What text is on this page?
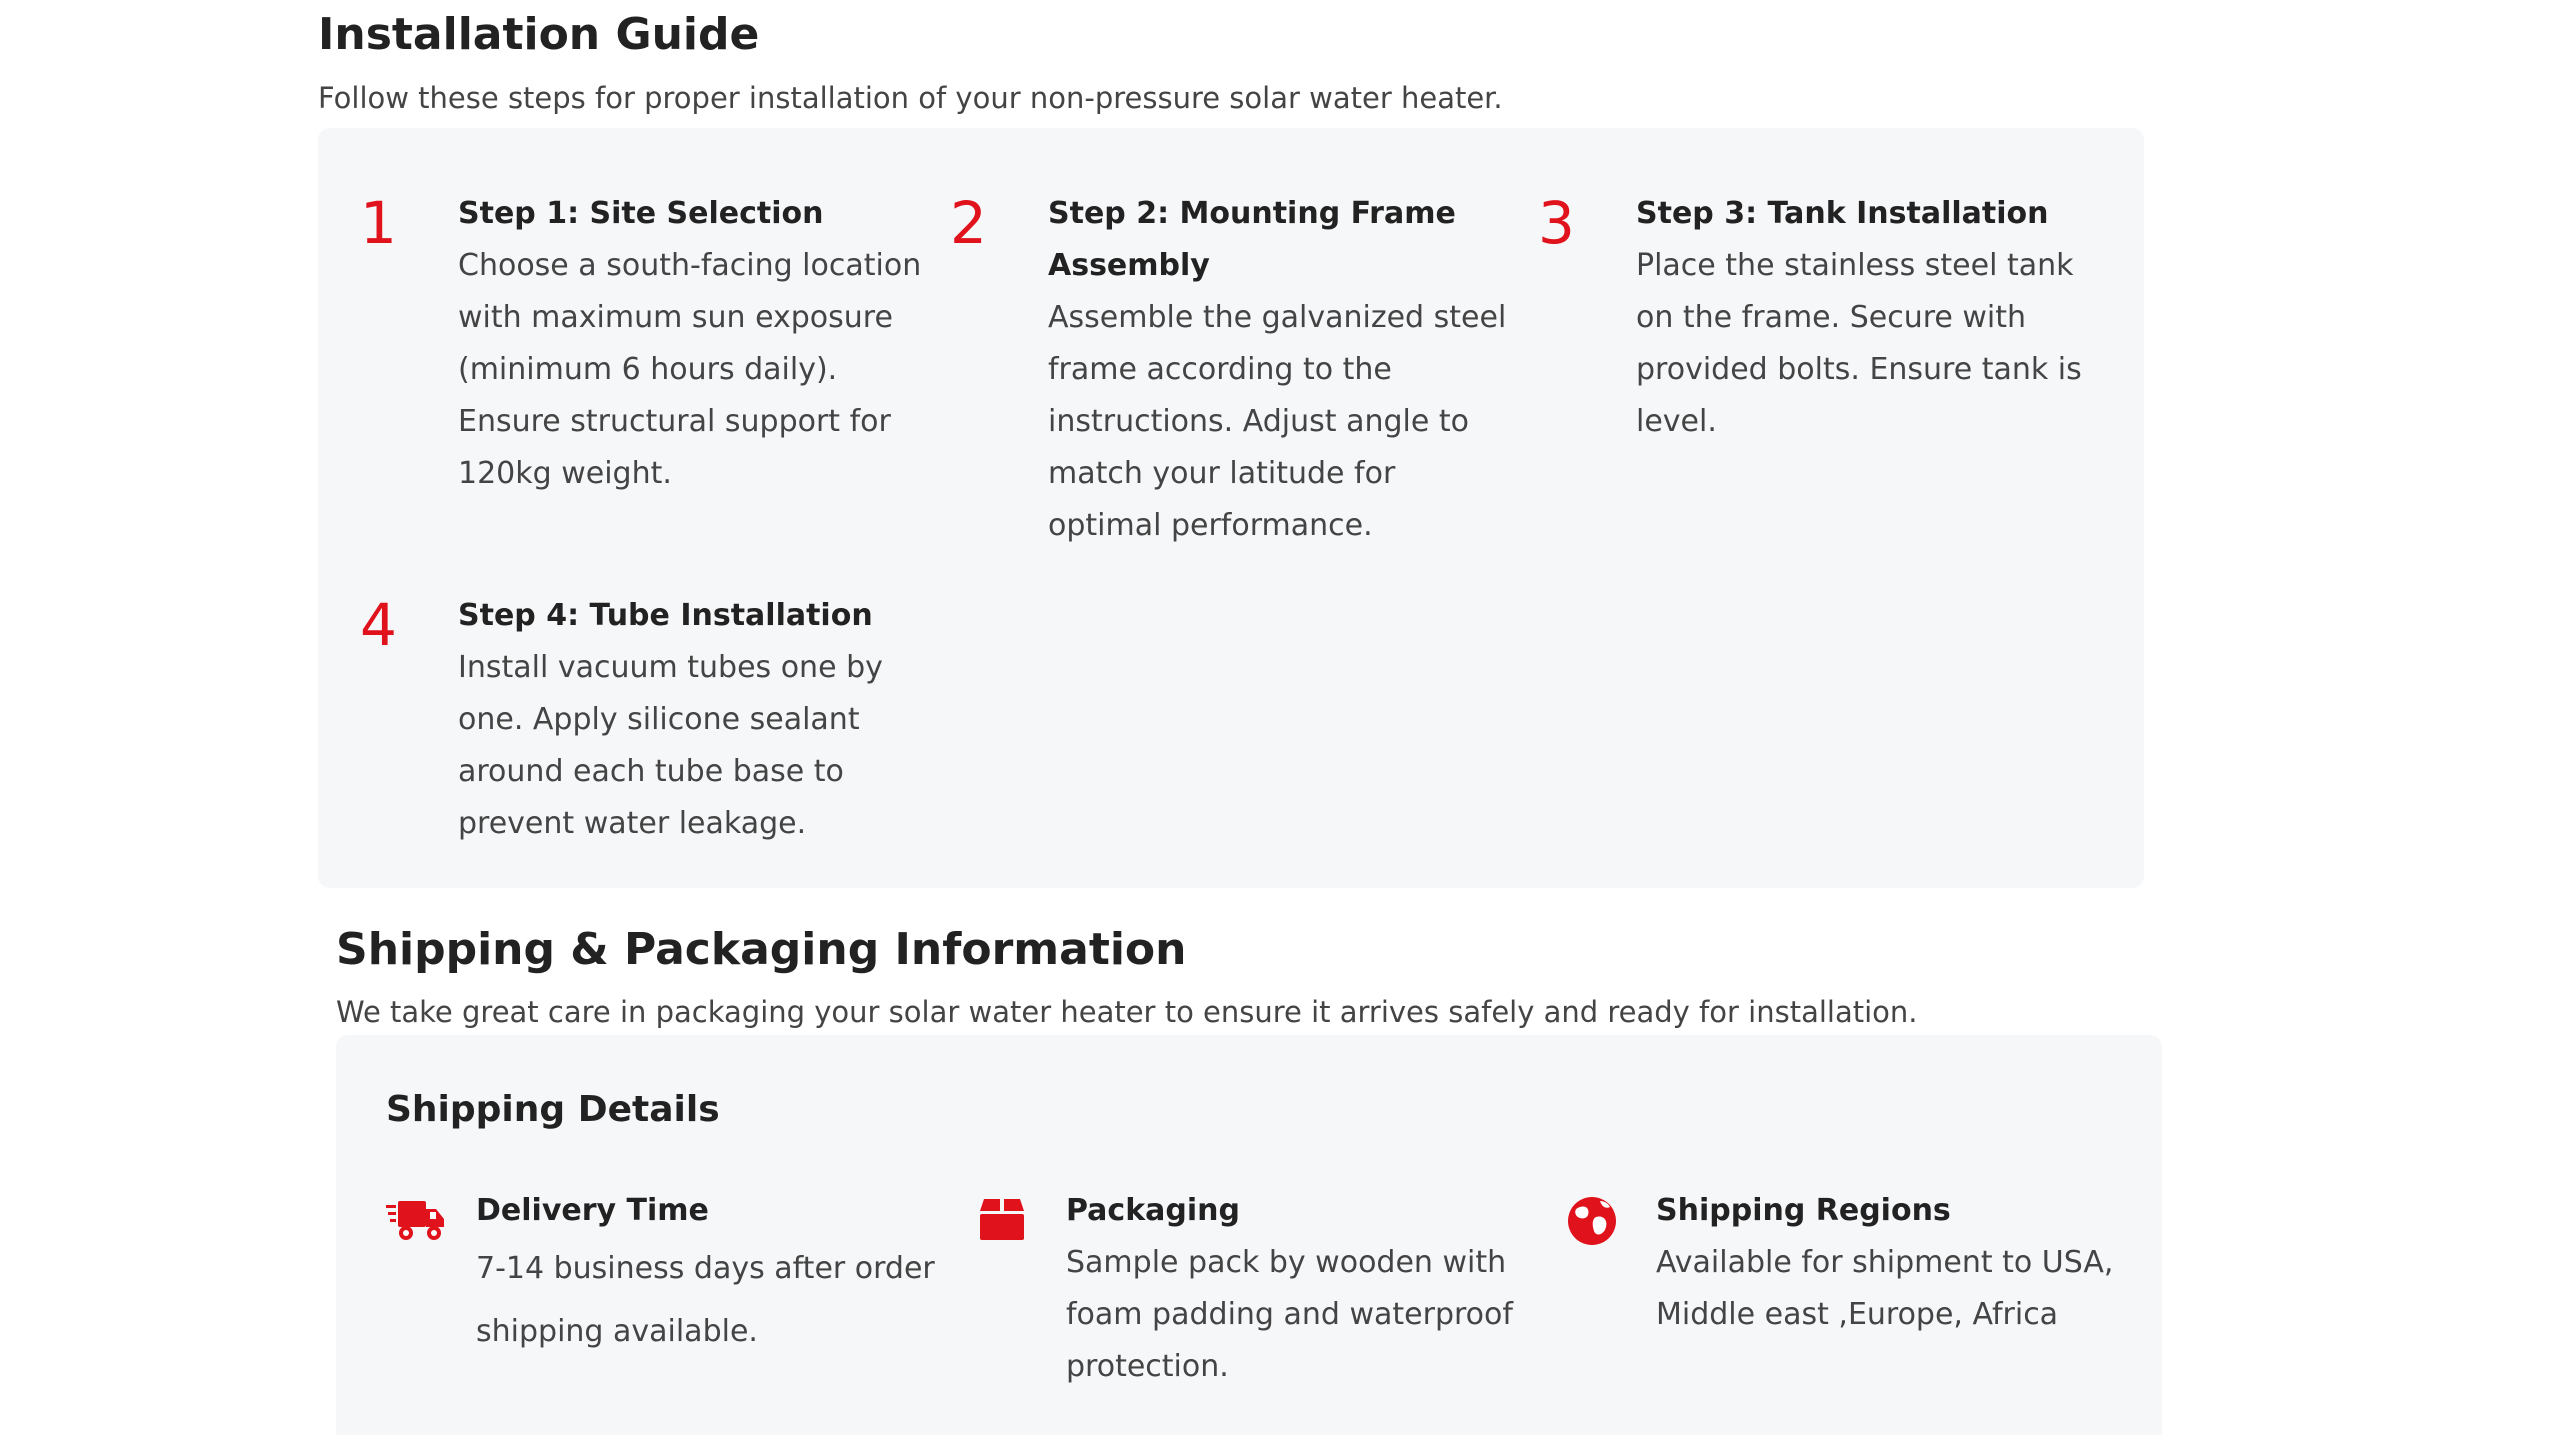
Installation Guide

Follow these steps for proper installation of your non-pressure solar water heater.

1 Step 1: Site Selection
Choose a south-facing location with maximum sun exposure (minimum 6 hours daily). Ensure structural support for 120kg weight.
2 Step 2: Mounting Frame Assembly
Assemble the galvanized steel frame according to the instructions. Adjust angle to match your latitude for optimal performance.
3 Step 3: Tank Installation
Place the stainless steel tank on the frame. Secure with provided bolts. Ensure tank is level.
4 Step 4: Tube Installation
Install vacuum tubes one by one. Apply silicone sealant around each tube base to prevent water leakage.
Shipping & Packaging Information

We take great care in packaging your solar water heater to ensure it arrives safely and ready for installation.

Shipping Details
Delivery Time
7-14 business days after order shipping available.
Packaging
Sample pack by wooden with foam padding and waterproof protection.
Shipping Regions
Available for shipment to USA, Middle east ,Europe, Africa
